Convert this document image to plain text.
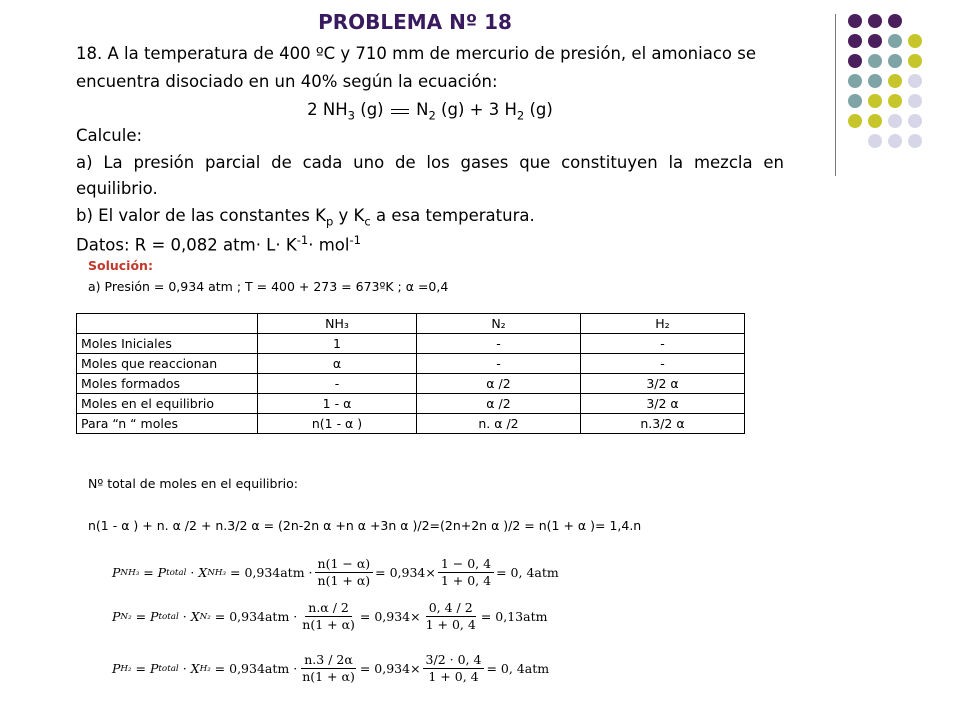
PROBLEMA Nº 18
18. A la temperatura de 400 ºC y 710 mm de mercurio de presión, el amoniaco se
encuentra disociado en un 40% según la ecuación:
2 $NH_3$ (g) $N_2$ (g) + 3 $H_2$ (g)
Calcule:
a) La presión parcial de cada uno de los gases que constituyen la mezcla en equilibrio.
b) El valor de las constantes $K_p$ y $K_c$ a esa temperatura.
Datos: R = 0,082 $atm\cdot L\cdot K^{-1}\cdot mol^{-1}$
Solución:
a) Presión = 0,934 atm ; T = 400 + 273 = 673ºK ; α =0,4
	NH₃	N₂	H₂
Moles Iniciales	1	-	-
Moles que reaccionan	α	-	-
Moles formados	-	α /2	3/2 α
Moles en el equilibrio	1 - α	α /2	3/2 α
Para “n “ moles	n(1 - α )	n. α /2	n.3/2 α
Nº total de moles en el equilibrio:
n(1 - α ) + n. α /2 + n.3/2 α = (2n-2n α +n α +3n α )/2=(2n+2n α )/2 = n(1 + α )= 1,4.n
P NH₃ = P total · X $NH_3 = 0,934atm \cdot \frac{n(1 - \alpha)}{n(1 + \alpha)} = 0,934\times \frac{1 - 0, 4}{1 + 0, 4} = 0$, 4atm
P N₂ = P total · X $N_2 = 0,934atm \cdot \frac{n.\alpha / 2}{n(1 + \alpha)} = 0,934\times \frac{0, 4 / 2}{1 + 0, 4} = 0,13atm$
P H₂ = P total · X $H_2 = 0,934atm \cdot \frac{n.3 / 2\alpha}{n(1 + \alpha)} = 0,934\times \frac{3/2 \cdot 0, 4}{1 + 0, 4} = 0$, 4atm
